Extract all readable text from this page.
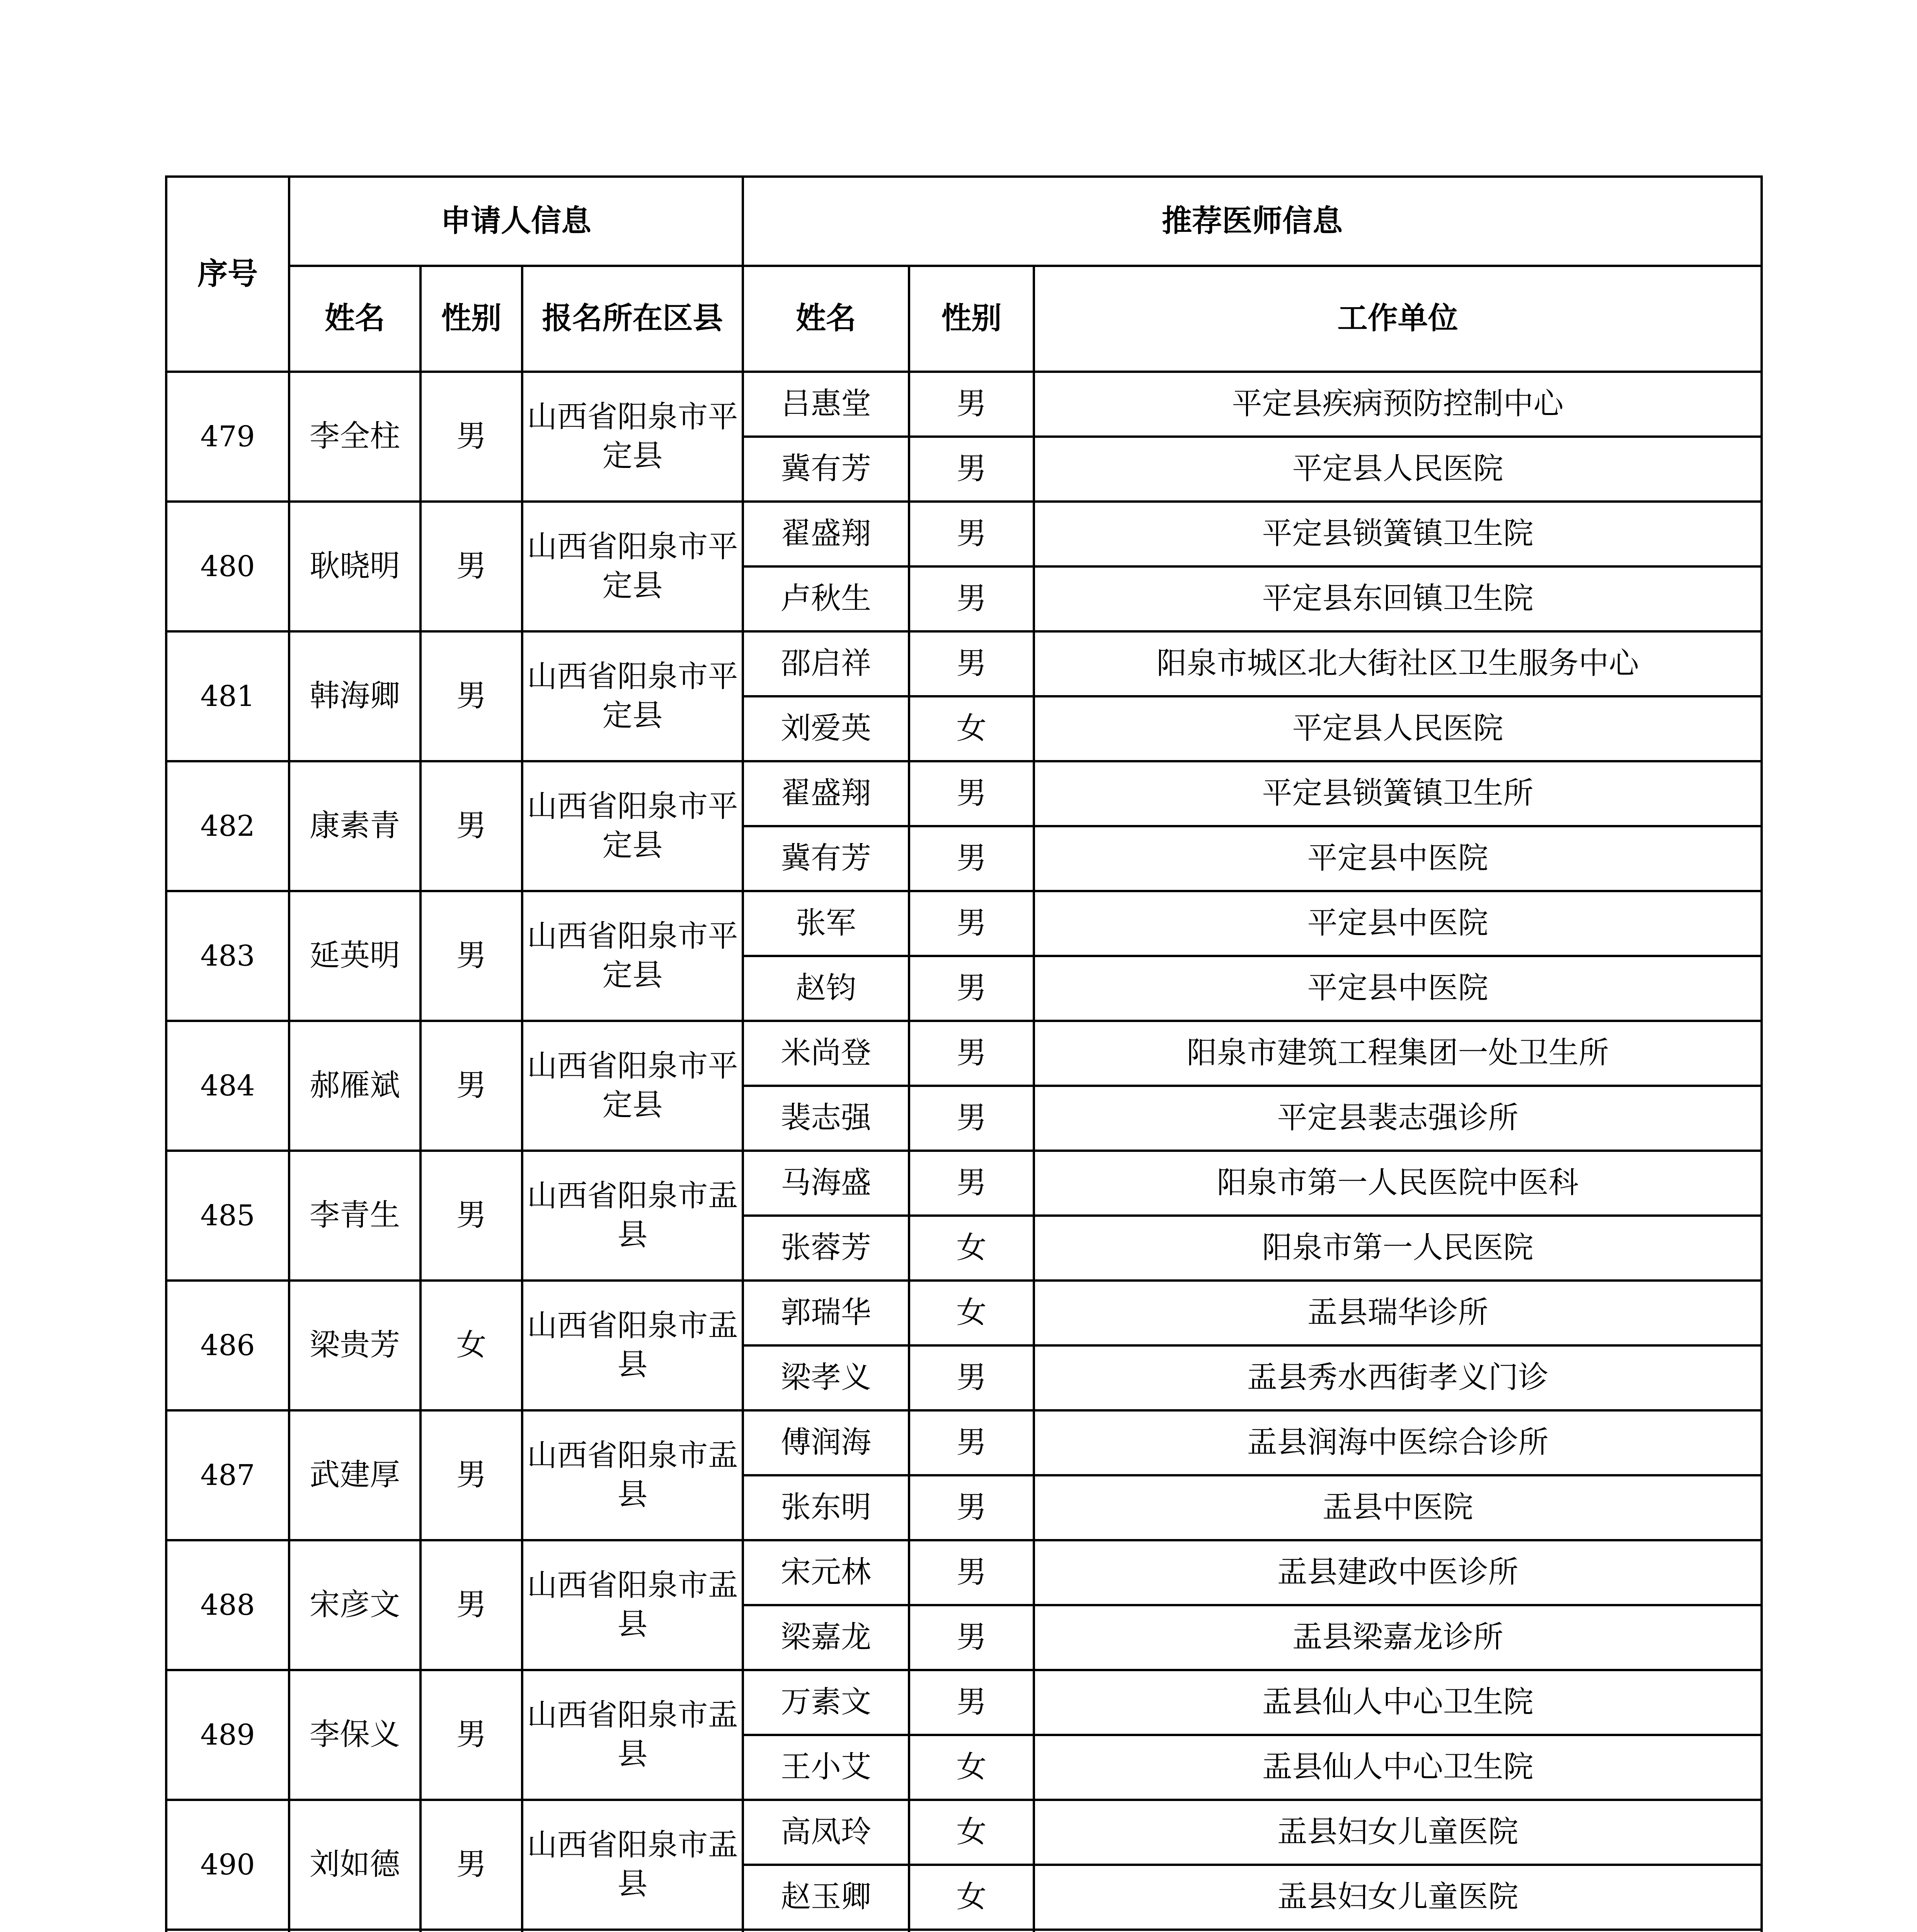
序号	申请人信息			推荐医师信息		
	姓名	性别	报名所在区县	姓名	性别	工作单位
479	李全柱	男	山西省阳泉市平定县	吕惠堂	男	平定县疾病预防控制中心
				冀有芳	男	平定县人民医院
480	耿晓明	男	山西省阳泉市平定县	翟盛翔	男	平定县锁簧镇卫生院
				卢秋生	男	平定县东回镇卫生院
481	韩海卿	男	山西省阳泉市平定县	邵启祥	男	阳泉市城区北大街社区卫生服务中心
				刘爱英	女	平定县人民医院
482	康素青	男	山西省阳泉市平定县	翟盛翔	男	平定县锁簧镇卫生所
				冀有芳	男	平定县中医院
483	延英明	男	山西省阳泉市平定县	张军	男	平定县中医院
				赵钧	男	平定县中医院
484	郝雁斌	男	山西省阳泉市平定县	米尚登	男	阳泉市建筑工程集团一处卫生所
				裴志强	男	平定县裴志强诊所
485	李青生	男	山西省阳泉市盂县	马海盛	男	阳泉市第一人民医院中医科
				张蓉芳	女	阳泉市第一人民医院
486	梁贵芳	女	山西省阳泉市盂县	郭瑞华	女	盂县瑞华诊所
				梁孝义	男	盂县秀水西街孝义门诊
487	武建厚	男	山西省阳泉市盂县	傅润海	男	盂县润海中医综合诊所
				张东明	男	盂县中医院
488	宋彦文	男	山西省阳泉市盂县	宋元林	男	盂县建政中医诊所
				梁嘉龙	男	盂县梁嘉龙诊所
489	李保义	男	山西省阳泉市盂县	万素文	男	盂县仙人中心卫生院
				王小艾	女	盂县仙人中心卫生院
490	刘如德	男	山西省阳泉市盂县	高凤玲	女	盂县妇女儿童医院
				赵玉卿	女	盂县妇女儿童医院
